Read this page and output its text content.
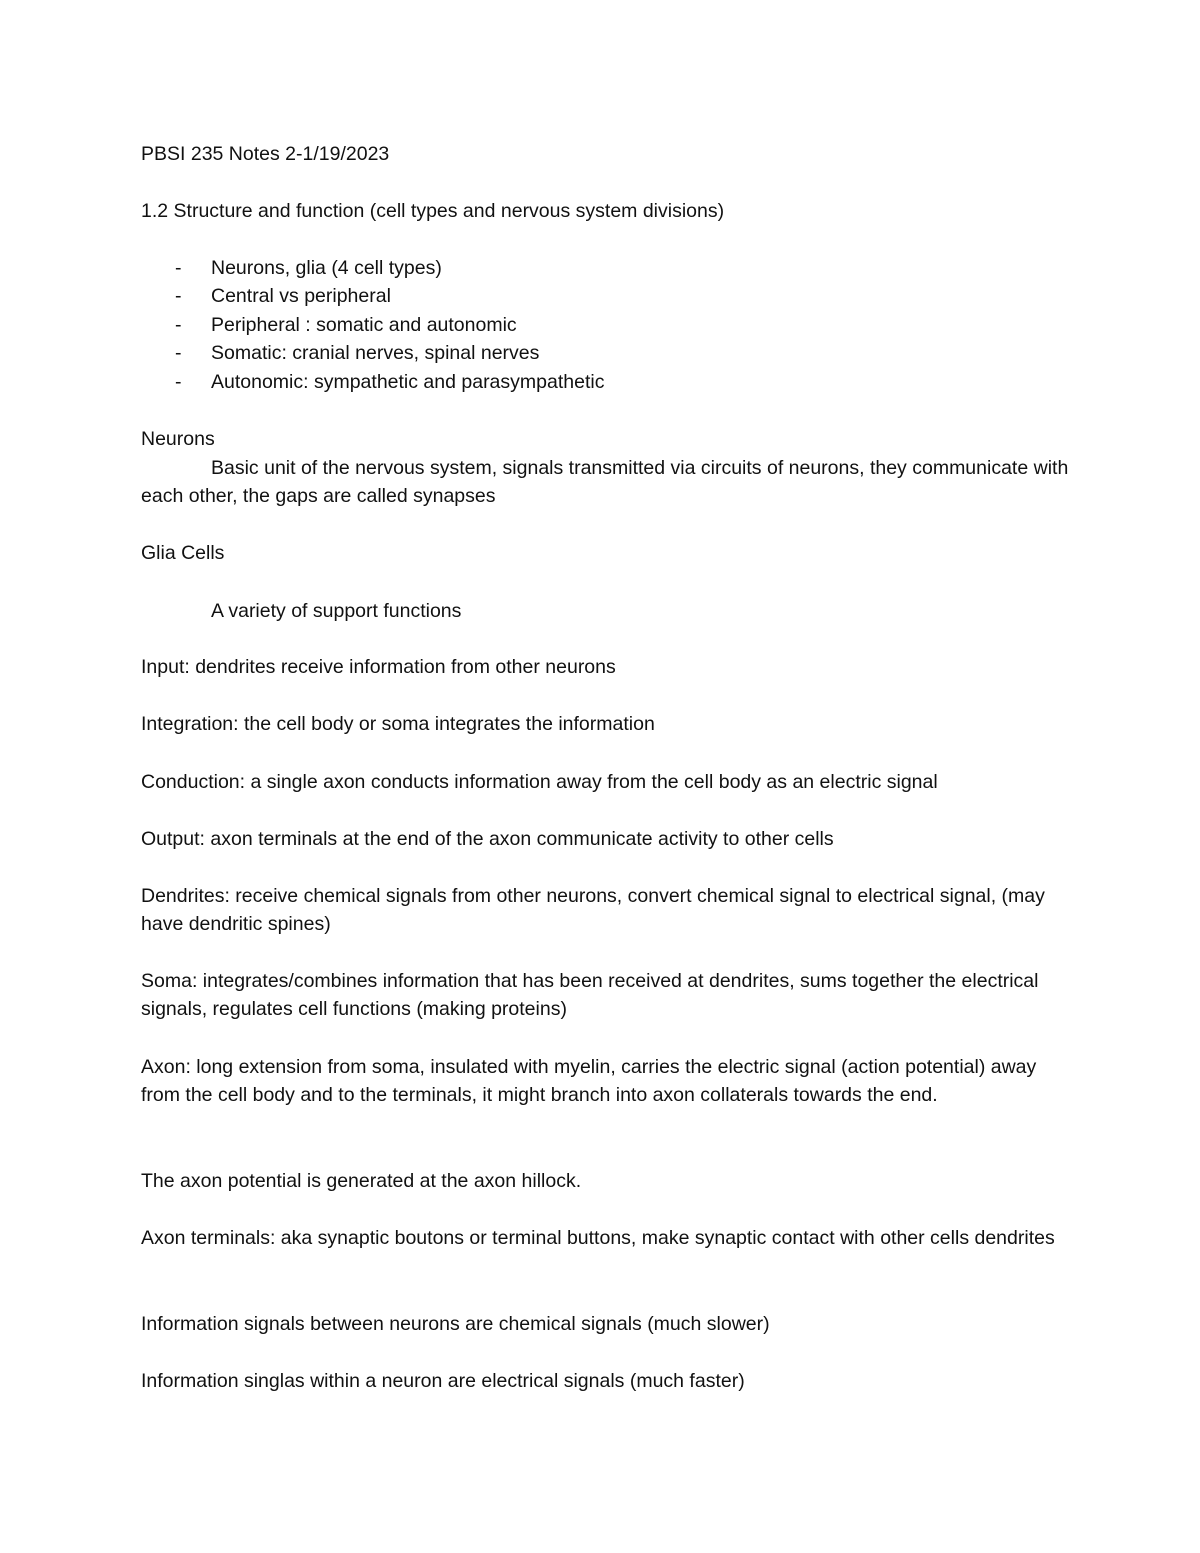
PBSI 235 Notes 2-1/19/2023
1.2 Structure and function (cell types and nervous system divisions)
- Neurons, glia (4 cell types)
- Central vs peripheral
- Peripheral : somatic and autonomic
- Somatic: cranial nerves, spinal nerves
- Autonomic: sympathetic and parasympathetic
Neurons
Basic unit of the nervous system, signals transmitted via circuits of neurons, they communicate with each other, the gaps are called synapses
Glia Cells
A variety of support functions
Input: dendrites receive information from other neurons
Integration: the cell body or soma integrates the information
Conduction: a single axon conducts information away from the cell body as an electric signal
Output: axon terminals at the end of the axon communicate activity to other cells
Dendrites: receive chemical signals from other neurons, convert chemical signal to electrical signal, (may have dendritic spines)
Soma: integrates/combines information that has been received at dendrites, sums together the electrical signals, regulates cell functions (making proteins)
Axon: long extension from soma, insulated with myelin, carries the electric signal (action potential) away from the cell body and to the terminals, it might branch into axon collaterals towards the end.
The axon potential is generated at the axon hillock.
Axon terminals: aka synaptic boutons or terminal buttons, make synaptic contact with other cells dendrites
Information signals between neurons are chemical signals (much slower)
Information singlas within a neuron are electrical signals (much faster)
